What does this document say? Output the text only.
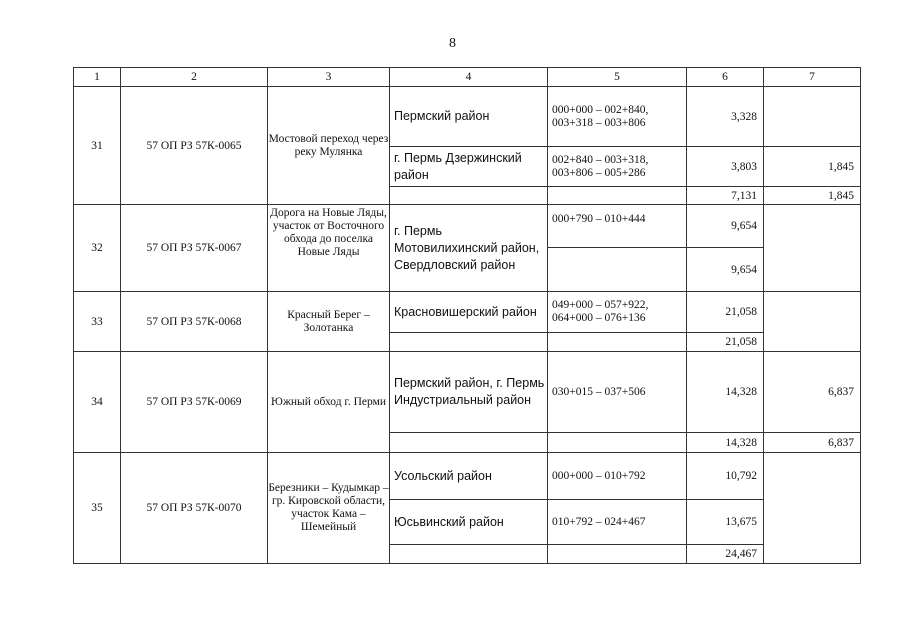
8
1	2	3	4	5	6	7
31	57 ОП РЗ 57К-0065	Мостовой переход через реку Мулянка	Пермский район	000+000 – 002+840, 003+318 – 003+806	3,328	
			г. Пермь Дзержинский район	002+840 – 003+318, 003+806 – 005+286	3,803	1,845
					7,131	1,845
32	57 ОП РЗ 57К-0067	Дорога на Новые Ляды, участок от Восточного обхода до поселка Новые Ляды	г. Пермь Мотовилихинский район, Свердловский район	000+790 – 010+444	9,654	
					9,654	
33	57 ОП РЗ 57К-0068	Красный Берег – Золотанка	Красновишерский район	049+000 – 057+922, 064+000 – 076+136	21,058	
					21,058	
34	57 ОП РЗ 57К-0069	Южный обход г. Перми	Пермский район, г. Пермь Индустриальный район	030+015 – 037+506	14,328	6,837
					14,328	6,837
35	57 ОП РЗ 57К-0070	Березники – Кудымкар – гр. Кировской области, участок Кама – Шемейный	Усольский район	000+000 – 010+792	10,792	
			Юсьвинский район	010+792 – 024+467	13,675	
					24,467	
